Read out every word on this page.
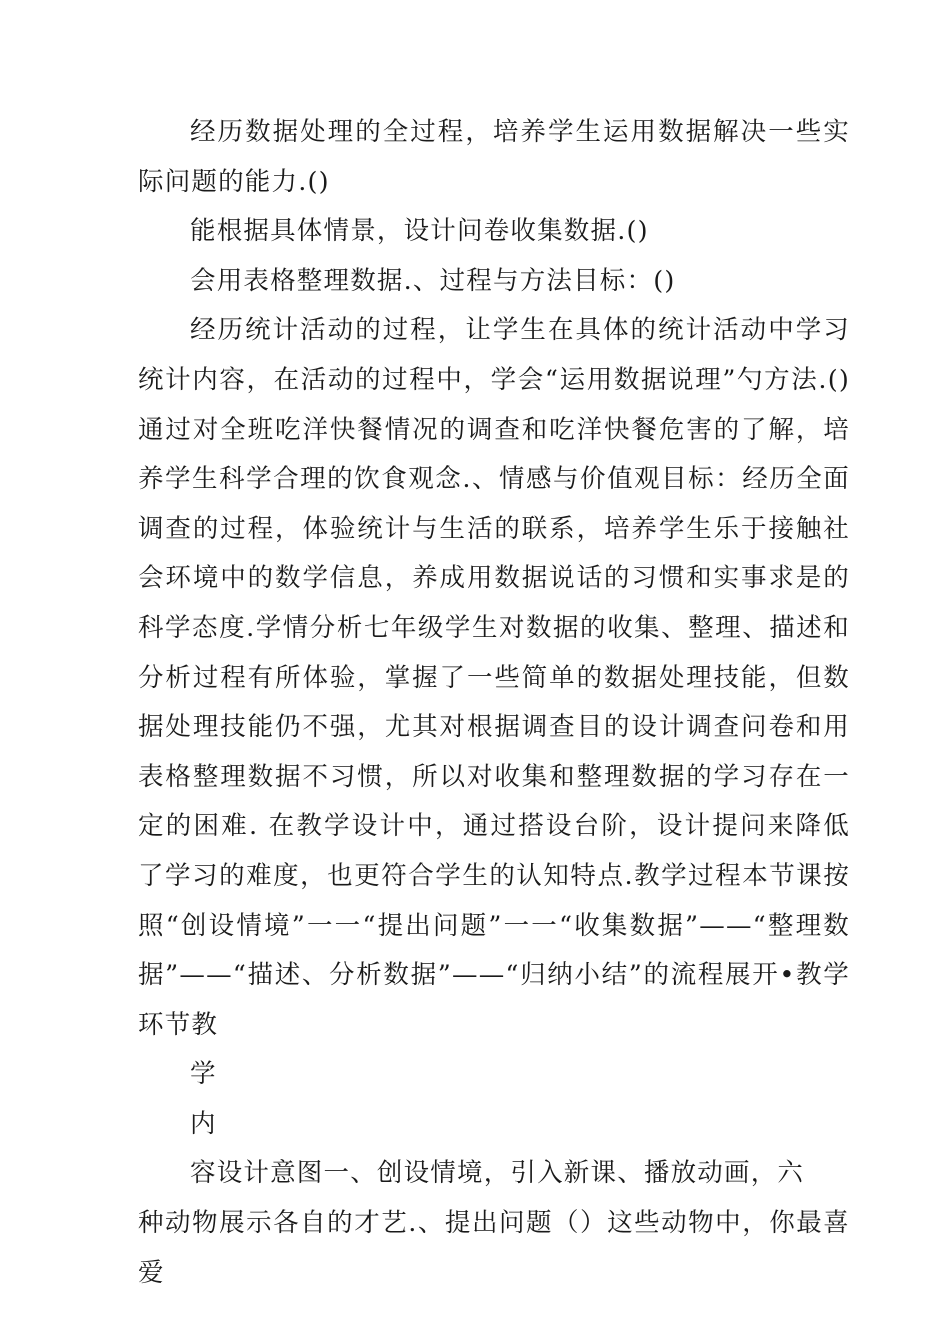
经历数据处理的全过程，培养学生运用数据解决一些实际问题的能力.()

能根据具体情景，设计问卷收集数据.()

会用表格整理数据.、过程与方法目标：()

经历统计活动的过程，让学生在具体的统计活动中学习统计内容，在活动的过程中，学会“运用数据说理”勺方法.()通过对全班吃洋快餐情况的调查和吃洋快餐危害的了解，培养学生科学合理的饮食观念.、情感与价值观目标：经历全面调查的过程，体验统计与生活的联系，培养学生乐于接触社会环境中的数学信息，养成用数据说话的习惯和实事求是的科学态度.学情分析七年级学生对数据的收集、整理、描述和分析过程有所体验，掌握了一些简单的数据处理技能，但数据处理技能仍不强，尤其对根据调查目的设计调查问卷和用表格整理数据不习惯，所以对收集和整理数据的学习存在一定的困难. 在教学设计中，通过搭设台阶，设计提问来降低了学习的难度，也更符合学生的认知特点.教学过程本节课按照“创设情境”一一“提出问题”一一“收集数据”——“整理数据”——“描述、分析数据”——“归纳小结”的流程展开•教学环节教

学

内

容设计意图一、创设情境，引入新课、播放动画，六

种动物展示各自的才艺.、提出问题（）这些动物中，你最喜爱
